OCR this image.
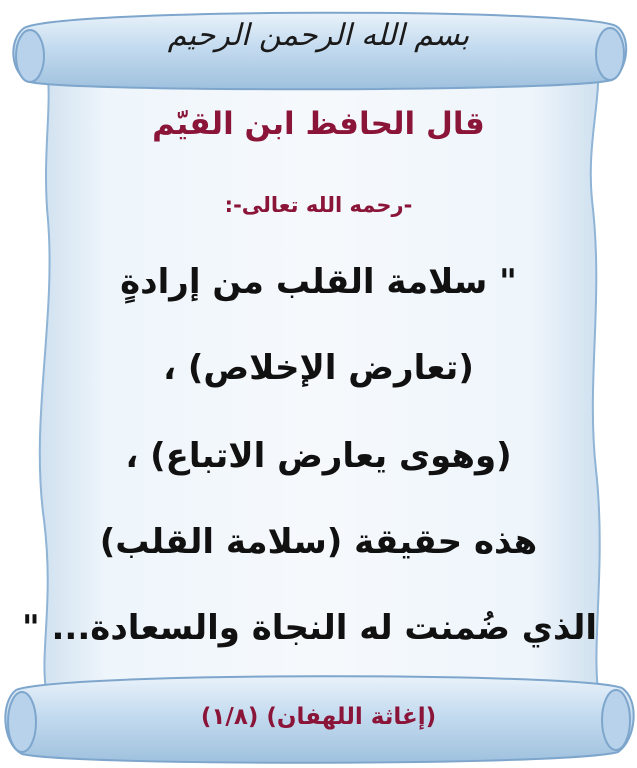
بسم الله الرحمن الرحيم
قال الحافظ ابن القيّم
-رحمه الله تعالى-:
" سلامة القلب من إرادةٍ
(تعارض الإخلاص) ،
(وهوى يعارض الاتباع) ،
هذه حقيقة (سلامة القلب)
الذي ضُمنت له النجاة والسعادة... "
(إغاثة اللهفان) (١/٨)
